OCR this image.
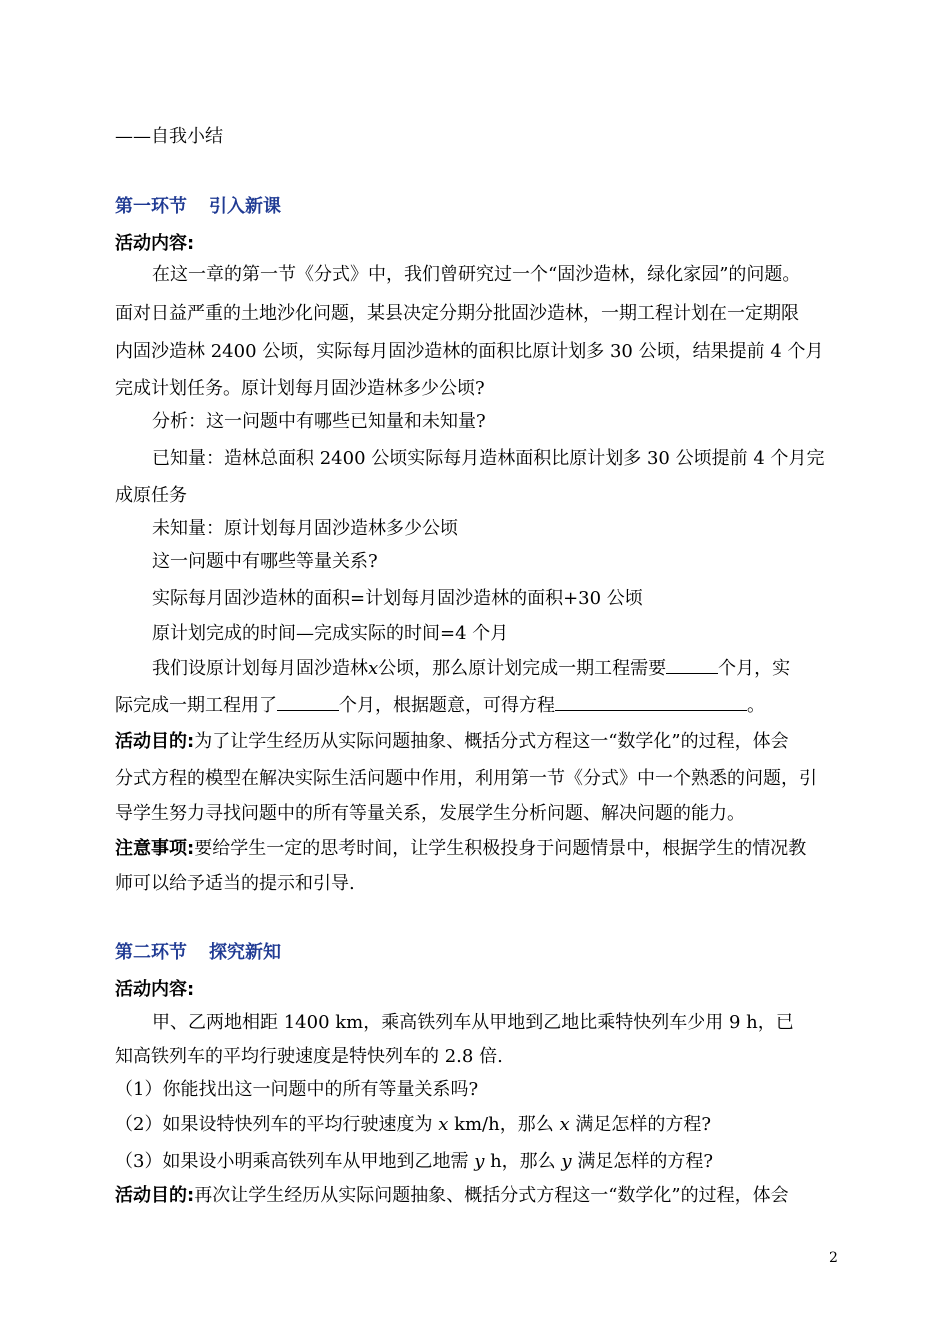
——自我小结
第一环节 引入新课
活动内容:
在这一章的第一节《分式》中，我们曾研究过一个“固沙造林，绿化家园”的问题。
面对日益严重的土地沙化问题，某县决定分期分批固沙造林，一期工程计划在一定期限
内固沙造林 2400 公顷，实际每月固沙造林的面积比原计划多 30 公顷，结果提前 4 个月
完成计划任务。原计划每月固沙造林多少公顷?
分析：这一问题中有哪些已知量和未知量?
已知量：造林总面积 2400 公顷实际每月造林面积比原计划多 30 公顷提前 4 个月完
成原任务
未知量：原计划每月固沙造林多少公顷
这一问题中有哪些等量关系?
实际每月固沙造林的面积=计划每月固沙造林的面积+30 公顷
原计划完成的时间—完成实际的时间=4 个月
我们设原计划每月固沙造林x公顷，那么原计划完成一期工程需要	个月，实
际完成一期工程用了	个月，根据题意，可得方程	。
活动目的:为了让学生经历从实际问题抽象、概括分式方程这一“数学化”的过程，体会
分式方程的模型在解决实际生活问题中作用，利用第一节《分式》中一个熟悉的问题，引
导学生努力寻找问题中的所有等量关系，发展学生分析问题、解决问题的能力。
注意事项:要给学生一定的思考时间，让学生积极投身于问题情景中，根据学生的情况教
师可以给予适当的提示和引导.
第二环节 探究新知
活动内容:
甲、乙两地相距 1400 km，乘高铁列车从甲地到乙地比乘特快列车少用 9 h，已
知高铁列车的平均行驶速度是特快列车的 2.8 倍.
（1）你能找出这一问题中的所有等量关系吗?
（2）如果设特快列车的平均行驶速度为 x km/h，那么 x 满足怎样的方程?
（3）如果设小明乘高铁列车从甲地到乙地需 y h，那么 y 满足怎样的方程?
活动目的:再次让学生经历从实际问题抽象、概括分式方程这一“数学化”的过程，体会
2
